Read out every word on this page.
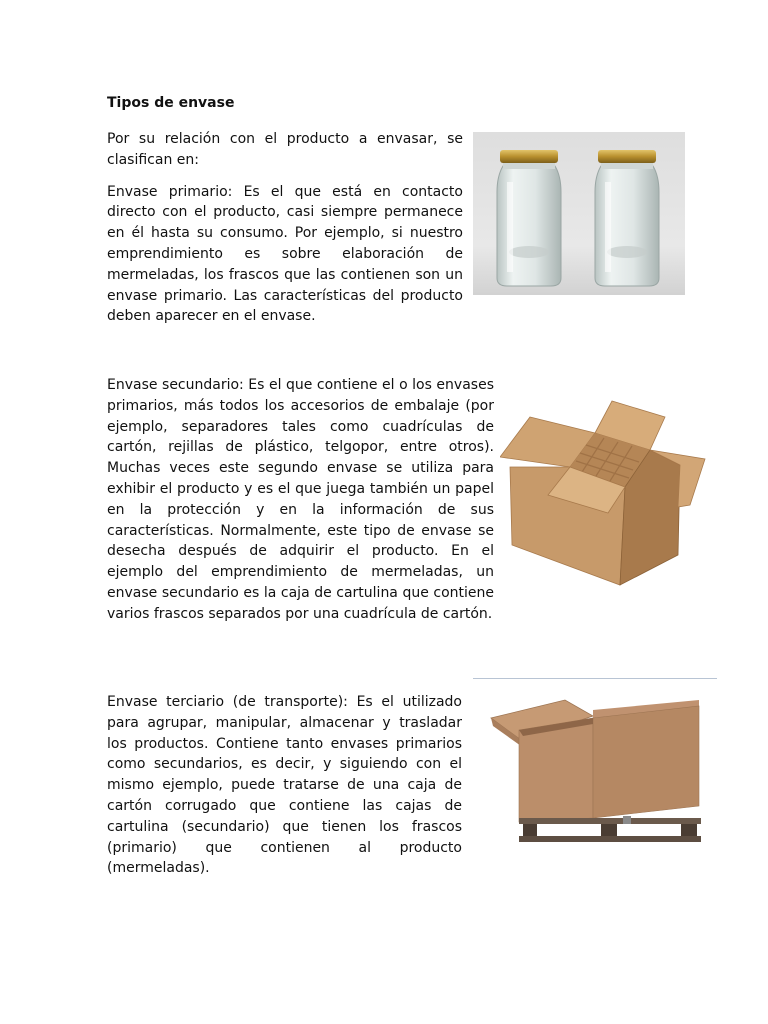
Tipos de envase

Por su relación con el producto a envasar, se clasifican en:

Envase primario: Es el que está en contacto directo con el producto, casi siempre permanece en él hasta su consumo. Por ejemplo, si nuestro emprendimiento es sobre elaboración de mermeladas, los frascos que las contienen son un envase primario. Las características del producto deben aparecer en el envase.

Envase secundario: Es el que contiene el o los envases primarios, más todos los accesorios de embalaje (por ejemplo, separadores tales como cuadrículas de cartón, rejillas de plástico, telgopor, entre otros). Muchas veces este segundo envase se utiliza para exhibir el producto y es el que juega también un papel en la protección y en la información de sus características. Normalmente, este tipo de envase se desecha después de adquirir el producto. En el ejemplo del emprendimiento de mermeladas, un envase secundario es la caja de cartulina que contiene varios frascos separados por una cuadrícula de cartón.

Envase terciario (de transporte): Es el utilizado para agrupar, manipular, almacenar y trasladar los productos. Contiene tanto envases primarios como secundarios, es decir, y siguiendo con el mismo ejemplo, puede tratarse de una caja de cartón corrugado que contiene las cajas de cartulina (secundario) que tienen los frascos (primario) que contienen al producto (mermeladas).
